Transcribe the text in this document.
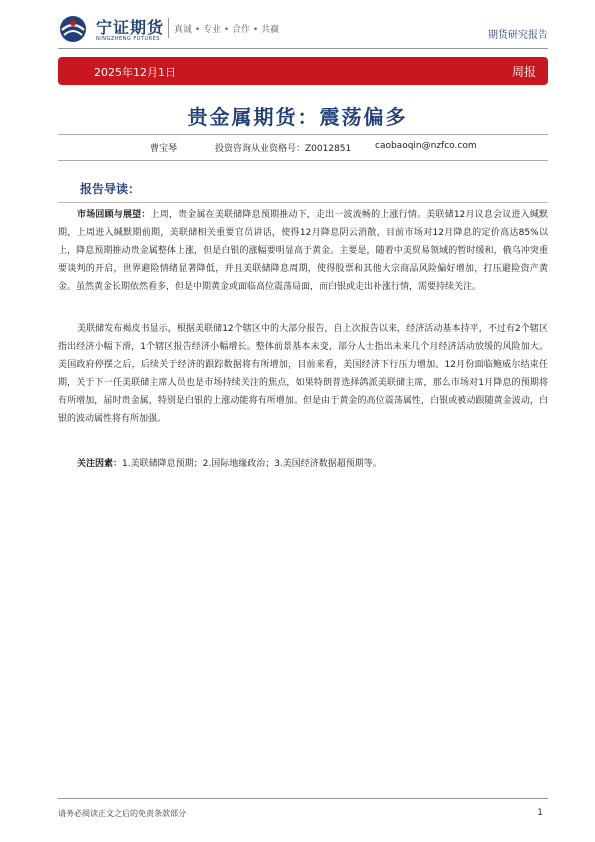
宁证期货
NINGZHENG FUTURES
真诚 • 专业 • 合作 • 共赢	期货研究报告
2025年12月1日	周报
贵金属期货：震荡偏多
曹宝琴	投资咨询从业资格号：Z0012851	caobaoqin@nzfco.com
报告导读：
市场回顾与展望：上周，贵金属在美联储降息预期推动下，走出一波流畅的上涨行情。美联储12月议息会议进入缄默期，上周进入缄默期前期，美联储相关重要官员讲话，使得12月降息阴云消散，目前市场对12月降息的定价高达85%以上，降息预期推动贵金属整体上涨，但是白银的涨幅要明显高于黄金。主要是，随着中美贸易领域的暂时缓和，俄乌冲突重要谈判的开启，世界避险情绪显著降低，并且美联储降息周期，使得股票和其他大宗商品风险偏好增加，打压避险资产黄金。虽然黄金长期依然看多，但是中期黄金或面临高位震荡局面，而白银或走出补涨行情，需要持续关注。
美联储发布褐皮书显示，根据美联储12个辖区中的大部分报告，自上次报告以来，经济活动基本持平，不过有2个辖区指出经济小幅下滑，1个辖区报告经济小幅增长。整体前景基本未变，部分人士指出未来几个月经济活动放缓的风险加大。美国政府停摆之后，后续关于经济的跟踪数据将有所增加，目前来看，美国经济下行压力增加。12月份面临鲍威尔结束任期，关于下一任美联储主席人员也是市场持续关注的焦点，如果特朗普选择鸽派美联储主席，那么市场对1月降息的预期将有所增加，届时贵金属，特别是白银的上涨动能将有所增加。但是由于黄金的高位震荡属性，白银或被动跟随黄金波动，白银的波动属性将有所加强。
关注因素：1.美联储降息预期；2.国际地缘政治；3.美国经济数据超预期等。
请务必阅读正文之后的免责条款部分	1
